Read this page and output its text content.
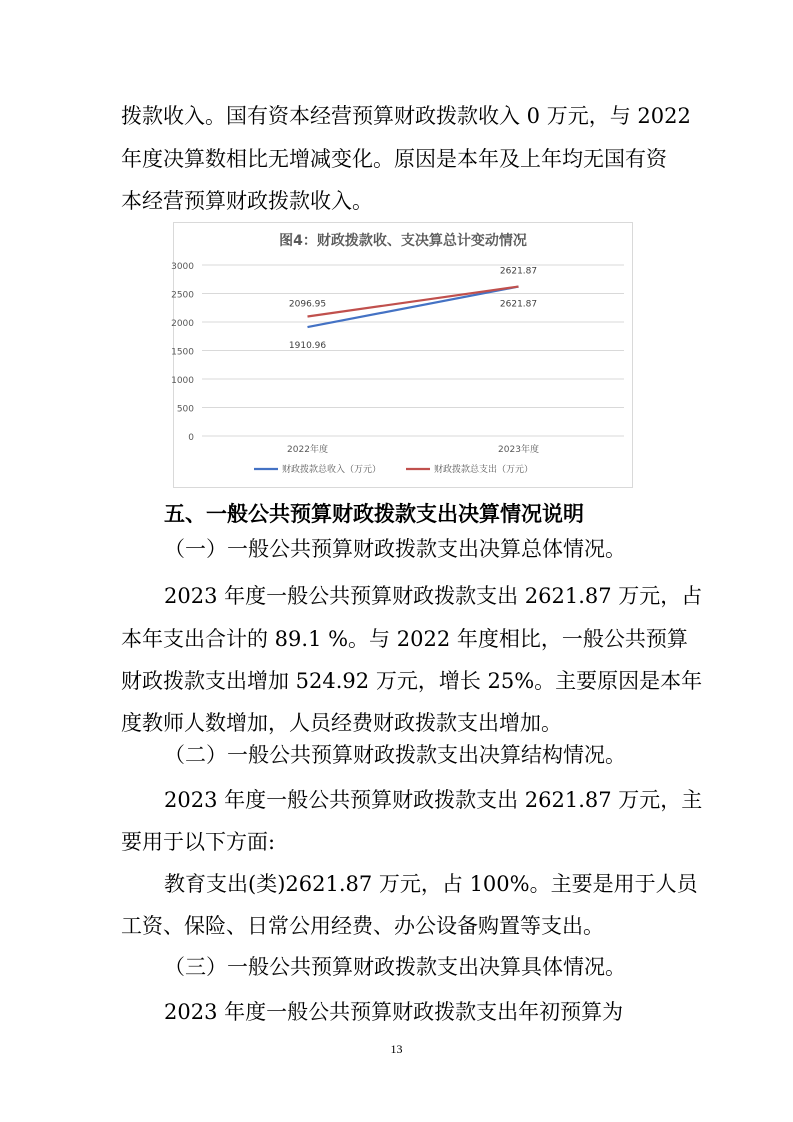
拨款收入。国有资本经营预算财政拨款收入 0 万元，与 2022
年度决算数相比无增减变化。原因是本年及上年均无国有资
本经营预算财政拨款收入。
图4：财政拨款收、支决算总计变动情况
0
500
1000
1500
2000
2500
3000
2022年度	2023年度
1910.96
2621.87
2096.95
2621.87
财政拨款总收入（万元）	财政拨款总支出（万元）
五、一般公共预算财政拨款支出决算情况说明
（一）一般公共预算财政拨款支出决算总体情况。
2023 年度一般公共预算财政拨款支出 2621.87 万元，占
本年支出合计的 89.1 %。与 2022 年度相比，一般公共预算
财政拨款支出增加 524.92 万元，增长 25%。主要原因是本年
度教师人数增加，人员经费财政拨款支出增加。
（二）一般公共预算财政拨款支出决算结构情况。
2023 年度一般公共预算财政拨款支出 2621.87 万元，主
要用于以下方面:
教育支出(类)2621.87 万元，占 100%。主要是用于人员
工资、保险、日常公用经费、办公设备购置等支出。
（三）一般公共预算财政拨款支出决算具体情况。
2023 年度一般公共预算财政拨款支出年初预算为
13
